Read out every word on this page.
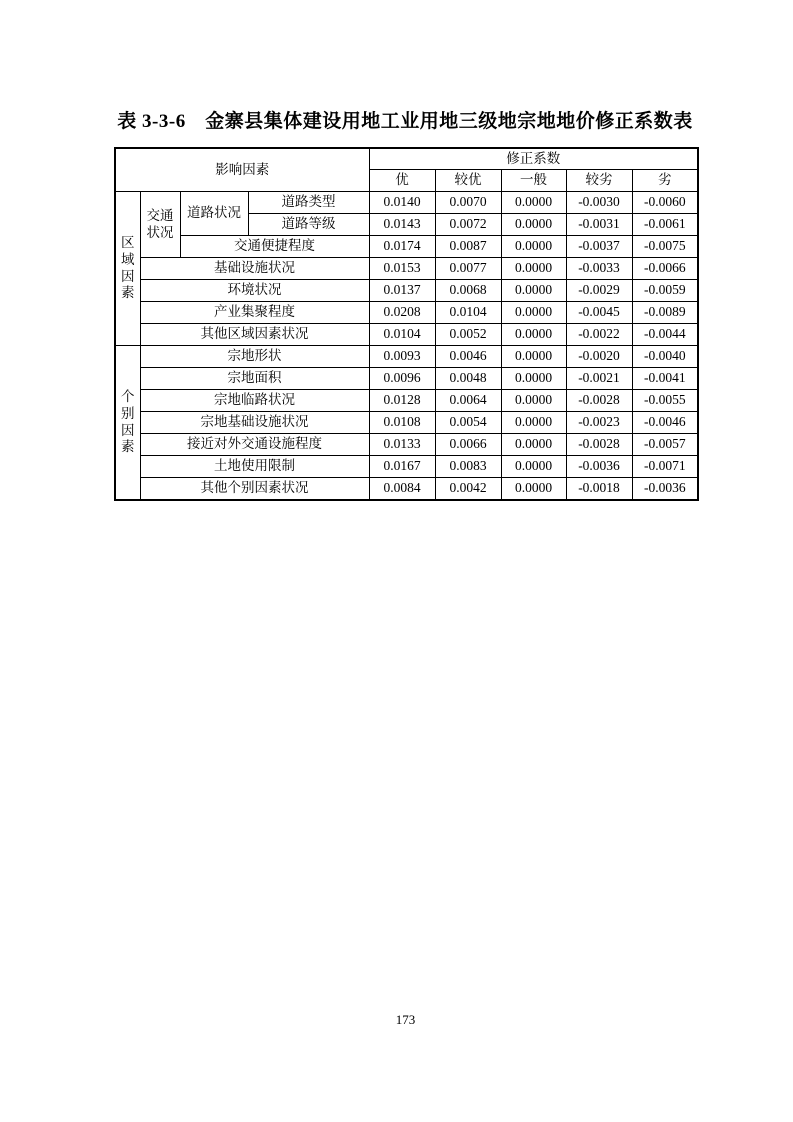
表 3-3-6　金寨县集体建设用地工业用地三级地宗地地价修正系数表
影响因素				修正系数				
				优	较优	一般	较劣	劣
区域因素	交通状况	道路状况	道路类型	0.0140	0.0070	0.0000	-0.0030	-0.0060
			道路等级	0.0143	0.0072	0.0000	-0.0031	-0.0061
		交通便捷程度		0.0174	0.0087	0.0000	-0.0037	-0.0075
	基础设施状况			0.0153	0.0077	0.0000	-0.0033	-0.0066
	环境状况			0.0137	0.0068	0.0000	-0.0029	-0.0059
	产业集聚程度			0.0208	0.0104	0.0000	-0.0045	-0.0089
	其他区域因素状况			0.0104	0.0052	0.0000	-0.0022	-0.0044
个别因素	宗地形状			0.0093	0.0046	0.0000	-0.0020	-0.0040
	宗地面积			0.0096	0.0048	0.0000	-0.0021	-0.0041
	宗地临路状况			0.0128	0.0064	0.0000	-0.0028	-0.0055
	宗地基础设施状况			0.0108	0.0054	0.0000	-0.0023	-0.0046
	接近对外交通设施程度			0.0133	0.0066	0.0000	-0.0028	-0.0057
	土地使用限制			0.0167	0.0083	0.0000	-0.0036	-0.0071
	其他个别因素状况			0.0084	0.0042	0.0000	-0.0018	-0.0036
173
